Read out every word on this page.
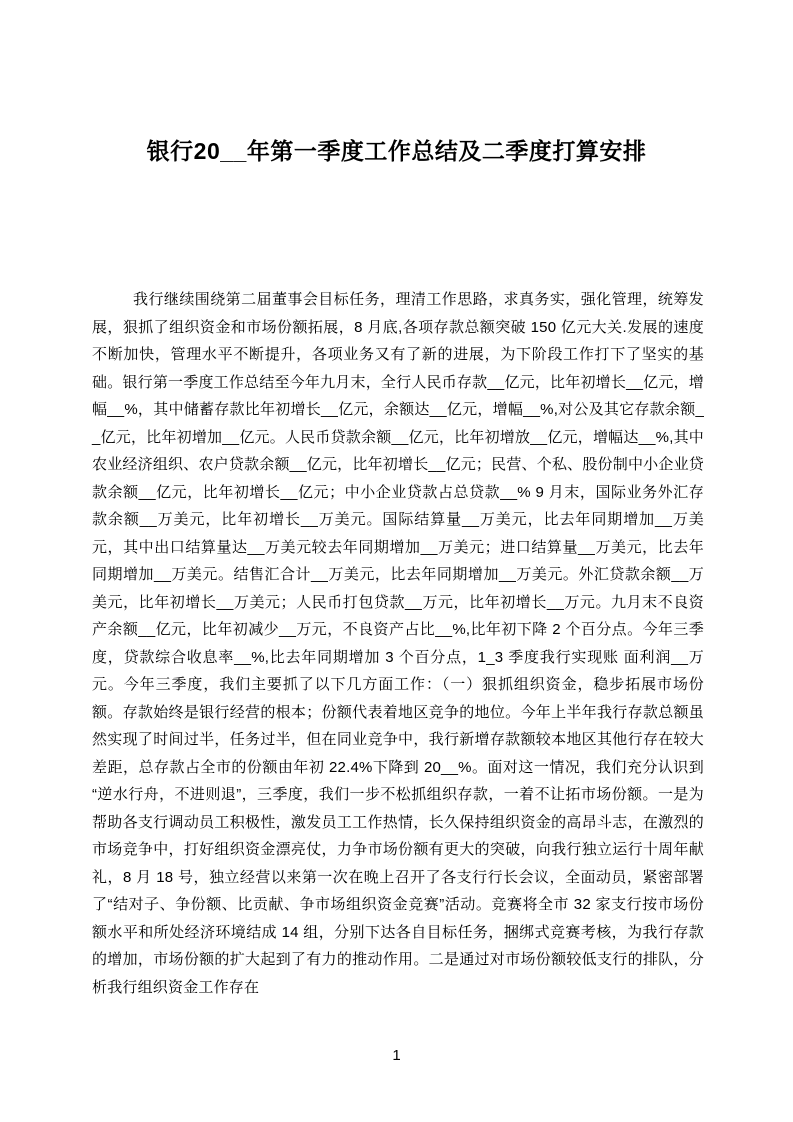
银行20__年第一季度工作总结及二季度打算安排

我行继续围绕第二届董事会目标任务，理清工作思路，求真务实，强化管理，统筹发展，狠抓了组织资金和市场份额拓展，8 月底,各项存款总额突破 150 亿元大关.发展的速度不断加快，管理水平不断提升，各项业务又有了新的进展，为下阶段工作打下了坚实的基础。银行第一季度工作总结至今年九月末，全行人民币存款__亿元，比年初增长__亿元，增幅__%，其中储蓄存款比年初增长__亿元，余额达__亿元，增幅__%,对公及其它存款余额__亿元，比年初增加__亿元。人民币贷款余额__亿元，比年初增放__亿元，增幅达__%,其中农业经济组织、农户贷款余额__亿元，比年初增长__亿元；民营、个私、股份制中小企业贷款余额__亿元，比年初增长__亿元；中小企业贷款占总贷款__% 9 月末，国际业务外汇存款余额__万美元，比年初增长__万美元。国际结算量__万美元，比去年同期增加__万美元，其中出口结算量达__万美元较去年同期增加__万美元；进口结算量__万美元，比去年同期增加__万美元。结售汇合计__万美元，比去年同期增加__万美元。外汇贷款余额__万美元，比年初增长__万美元；人民币打包贷款__万元，比年初增长__万元。九月末不良资产余额__亿元，比年初减少__万元，不良资产占比__%,比年初下降 2 个百分点。今年三季度，贷款综合收息率__%,比去年同期增加 3 个百分点，1_3 季度我行实现账 面利润__万元。今年三季度，我们主要抓了以下几方面工作：（一）狠抓组织资金，稳步拓展市场份额。存款始终是银行经营的根本；份额代表着地区竞争的地位。今年上半年我行存款总额虽然实现了时间过半，任务过半，但在同业竞争中，我行新增存款额较本地区其他行存在较大差距，总存款占全市的份额由年初 22.4%下降到 20__%。面对这一情况，我们充分认识到“逆水行舟，不进则退”，三季度，我们一步不松抓组织存款，一着不让拓市场份额。一是为帮助各支行调动员工积极性，激发员工工作热情，长久保持组织资金的高昂斗志，在激烈的市场竞争中，打好组织资金漂亮仗，力争市场份额有更大的突破，向我行独立运行十周年献礼，8 月 18 号，独立经营以来第一次在晚上召开了各支行行长会议，全面动员，紧密部署了“结对子、争份额、比贡献、争市场组织资金竞赛”活动。竞赛将全市 32 家支行按市场份额水平和所处经济环境结成 14 组，分别下达各自目标任务，捆绑式竞赛考核，为我行存款的增加，市场份额的扩大起到了有力的推动作用。二是通过对市场份额较低支行的排队，分析我行组织资金工作存在

1
